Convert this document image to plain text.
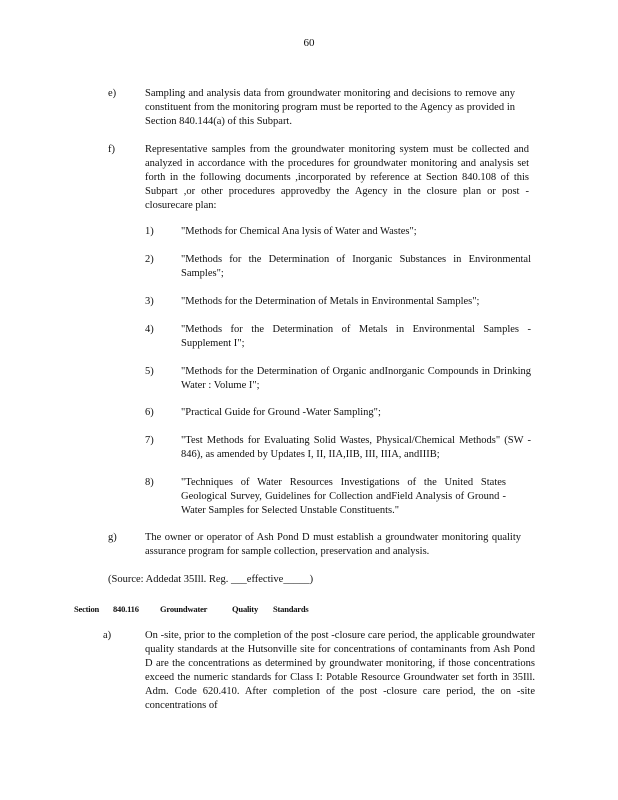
60
e)	Sampling and analysis data from groundwater monitoring and decisions to remove any constituent from the monitoring program must be reported to the Agency as provided in Section 840.144(a) of this Subpart.
f)	Representative samples from the groundwater monitoring system must be collected and analyzed in accordance with the procedures for groundwater monitoring and analysis set forth in the following documents ,incorporated by reference at Section 840.108 of this Subpart ,or other procedures approvedby the Agency in the closure plan or post -closurecare plan:
1)	"Methods for Chemical Ana lysis of Water and Wastes";
2)	"Methods for the Determination of Inorganic Substances in Environmental Samples";
3)	"Methods for the Determination of Metals in Environmental Samples";
4)	"Methods for the Determination of Metals in Environmental Samples - Supplement I";
5)	"Methods for the Determination of Organic andInorganic Compounds in Drinking Water : Volume I";
6)	"Practical Guide for Ground -Water Sampling";
7)	"Test Methods for Evaluating Solid Wastes, Physical/Chemical Methods" (SW - 846), as amended by Updates I, II, IIA,IIB, III, IIIA, andIIIB;
8)	"Techniques of Water Resources Investigations of the United States Geological Survey, Guidelines for Collection andField Analysis of Ground -Water Samples for Selected Unstable Constituents."
g)	The owner or operator of Ash Pond D must establish a groundwater monitoring quality assurance program for sample collection, preservation and analysis.
(Source: Addedat 35Ill. Reg. ___effective_____)
Section 840.116 Groundwater	Quality Standards
a)	On -site, prior to the completion of the post -closure care period, the applicable groundwater quality standards at the Hutsonville site for concentrations of contaminants from Ash Pond D are the concentrations as determined by groundwater monitoring, if those concentrations exceed the numeric standards for Class I: Potable Resource Groundwater set forth in 35Ill. Adm. Code 620.410. After completion of the post -closure care period, the on -site concentrations of
